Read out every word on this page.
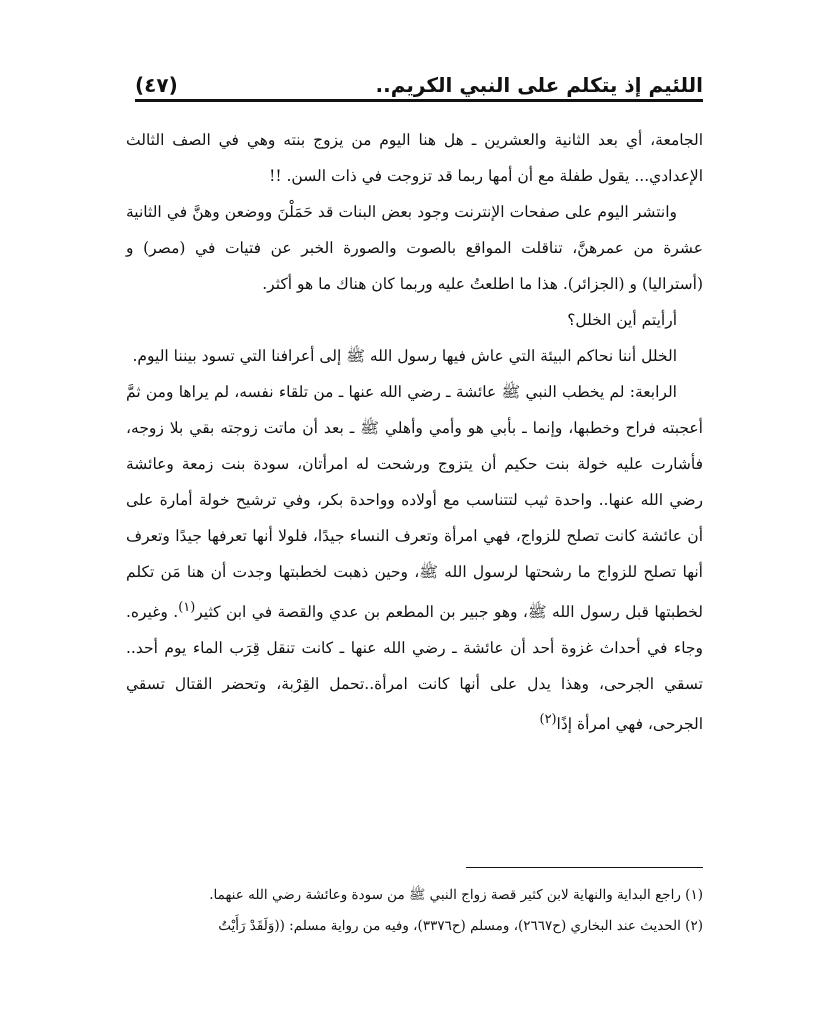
اللئيم إذ يتكلم على النبي الكريم..
(٤٧)

الجامعة، أي بعد الثانية والعشرين ـ هل هنا اليوم من يزوج بنته وهي في الصف الثالث الإعدادي... يقول طفلة مع أن أمها ربما قد تزوجت في ذات السن. !!

وانتشر اليوم على صفحات الإنترنت وجود بعض البنات قد حَمَلْنَ ووضعن وهنَّ في الثانية عشرة من عمرهنَّ، تناقلت المواقع بالصوت والصورة الخبر عن فتيات في (مصر) و (أستراليا) و (الجزائر). هذا ما اطلعتُ عليه وربما كان هناك ما هو أكثر.

أرأيتم أين الخلل؟

الخلل أننا نحاكم البيئة التي عاش فيها رسول الله ﷺ إلى أعرافنا التي تسود بيننا اليوم.

الرابعة: لم يخطب النبي ﷺ عائشة ـ رضي الله عنها ـ من تلقاء نفسه، لم يراها ومن ثمَّ أعجبته فراح وخطبها، وإنما ـ بأبي هو وأمي وأهلي ﷺ ـ بعد أن ماتت زوجته بقي بلا زوجه، فأشارت عليه خولة بنت حكيم أن يتزوج ورشحت له امرأتان، سودة بنت زمعة وعائشة رضي الله عنها.. واحدة ثيب لتتناسب مع أولاده وواحدة بكر، وفي ترشيح خولة أمارة على أن عائشة كانت تصلح للزواج، فهي امرأة وتعرف النساء جيدًا، فلولا أنها تعرفها جيدًا وتعرف أنها تصلح للزواج ما رشحتها لرسول الله ﷺ، وحين ذهبت لخطبتها وجدت أن هنا مَن تكلم لخطبتها قبل رسول الله ﷺ، وهو جبير بن المطعم بن عدي والقصة في ابن كثير$^{(١)}$. وغيره. وجاء في أحداث غزوة أحد أن عائشة ـ رضي الله عنها ـ كانت تنقل قِرَب الماء يوم أحد.. تسقي الجرحى، وهذا يدل على أنها كانت امرأة..تحمل القِرْبة، وتحضر القتال تسقي الجرحى، فهي امرأة إذًا$^{(٢)}$

(١) راجع البداية والنهاية لابن كثير قصة زواج النبي ﷺ من سودة وعائشة رضي الله عنهما.

(٢) الحديث عند البخاري (ح٢٦٦٧)، ومسلم (ح٣٣٧٦)، وفيه من رواية مسلم: ((وَلَقَدْ رَأَيْتُ
